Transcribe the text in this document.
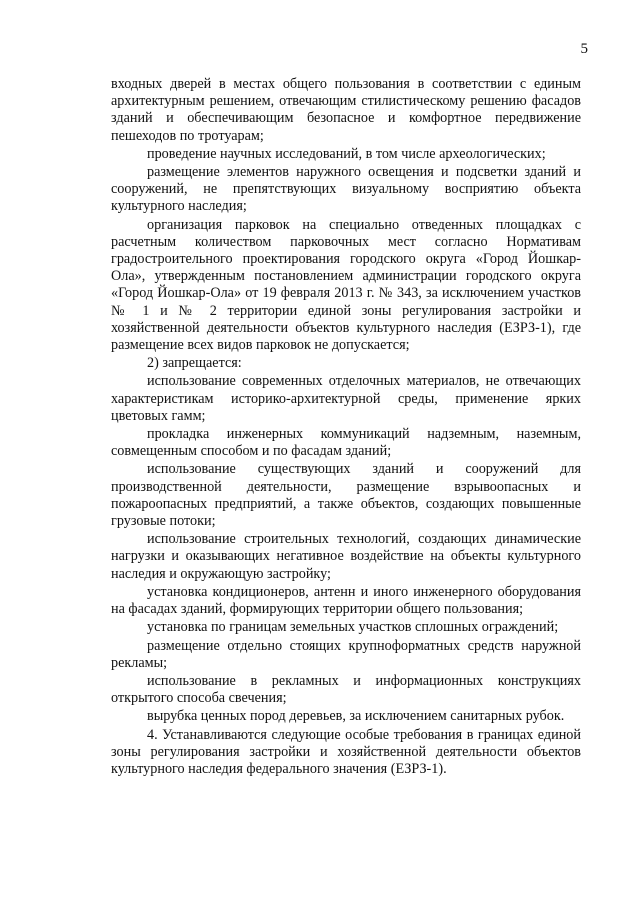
5

входных дверей в местах общего пользования в соответствии с единым архитектурным решением, отвечающим стилистическому решению фасадов зданий и обеспечивающим безопасное и комфортное передвижение пешеходов по тротуарам;

проведение научных исследований, в том числе археологических;

размещение элементов наружного освещения и подсветки зданий и сооружений, не препятствующих визуальному восприятию объекта культурного наследия;

организация парковок на специально отведенных площадках с расчетным количеством парковочных мест согласно Нормативам градостроительного проектирования городского округа «Город Йошкар-Ола», утвержденным постановлением администрации городского округа «Город Йошкар-Ола» от 19 февраля 2013 г. № 343, за исключением участков № 1 и № 2 территории единой зоны регулирования застройки и хозяйственной деятельности объектов культурного наследия (ЕЗРЗ-1), где размещение всех видов парковок не допускается;

2) запрещается:

использование современных отделочных материалов, не отвечающих характеристикам историко-архитектурной среды, применение ярких цветовых гамм;

прокладка инженерных коммуникаций надземным, наземным, совмещенным способом и по фасадам зданий;

использование существующих зданий и сооружений для производственной деятельности, размещение взрывоопасных и пожароопасных предприятий, а также объектов, создающих повышенные грузовые потоки;

использование строительных технологий, создающих динамические нагрузки и оказывающих негативное воздействие на объекты культурного наследия и окружающую застройку;

установка кондиционеров, антенн и иного инженерного оборудования на фасадах зданий, формирующих территории общего пользования;

установка по границам земельных участков сплошных ограждений;

размещение отдельно стоящих крупноформатных средств наружной рекламы;

использование в рекламных и информационных конструкциях открытого способа свечения;

вырубка ценных пород деревьев, за исключением санитарных рубок.

4. Устанавливаются следующие особые требования в границах единой зоны регулирования застройки и хозяйственной деятельности объектов культурного наследия федерального значения (ЕЗРЗ-1).
